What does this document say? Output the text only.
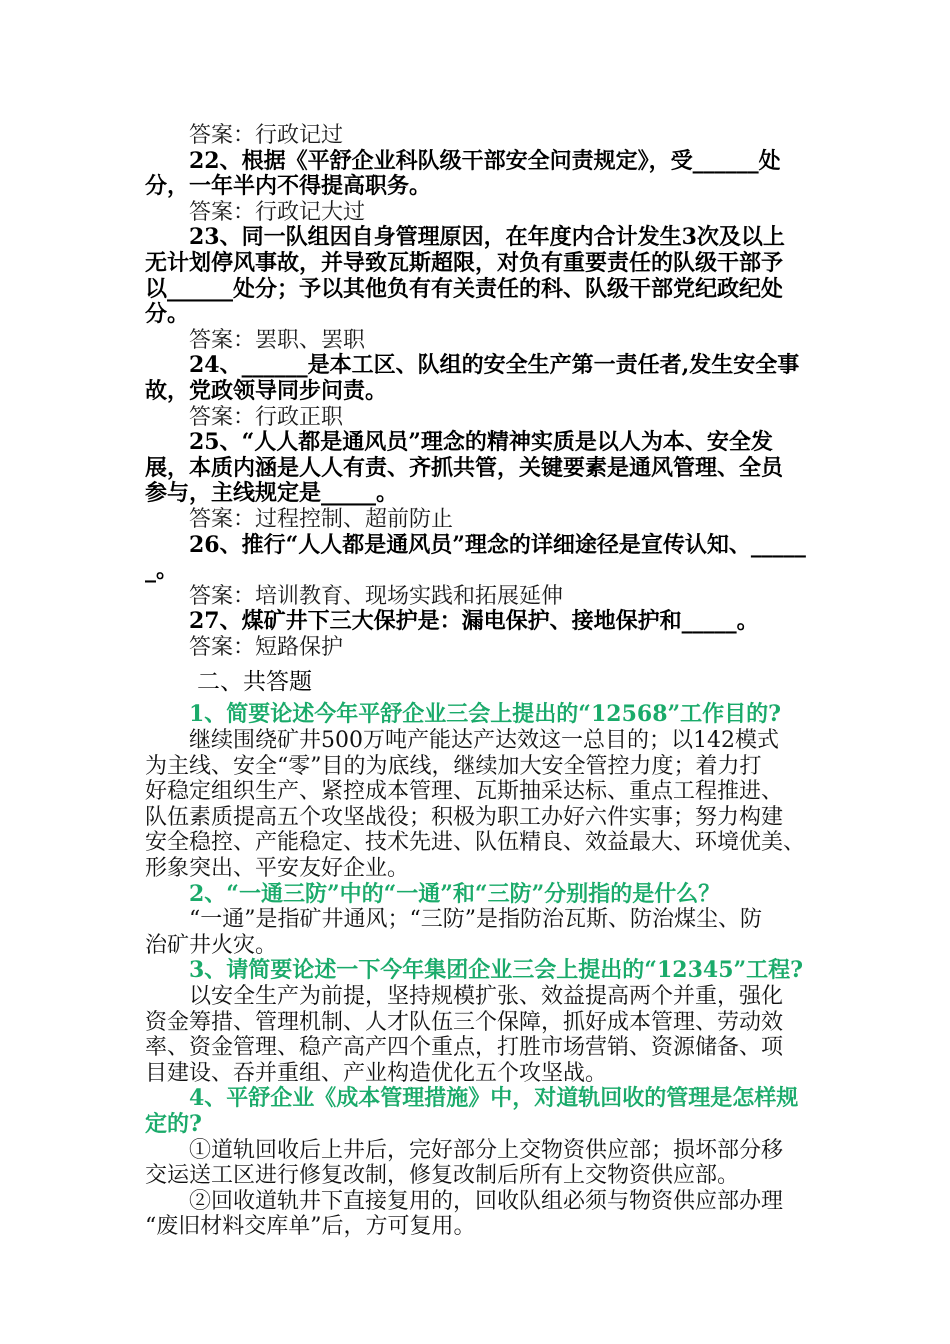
答案：行政记过
22、根据《平舒企业科队级干部安全问责规定》，受______处
分，一年半内不得提高职务。
答案：行政记大过
23、同一队组因自身管理原因，在年度内合计发生3次及以上
无计划停风事故，并导致瓦斯超限，对负有重要责任的队级干部予
以______处分；予以其他负有有关责任的科、队级干部党纪政纪处
分。
答案：罢职、罢职
24、______是本工区、队组的安全生产第一责任者,发生安全事
故，党政领导同步问责。
答案：行政正职
25、“人人都是通风员”理念的精神实质是以人为本、安全发
展，本质内涵是人人有责、齐抓共管，关键要素是通风管理、全员
参与，主线规定是_____。
答案：过程控制、超前防止
26、推行“人人都是通风员”理念的详细途径是宣传认知、_____
_。
答案：培训教育、现场实践和拓展延伸
27、煤矿井下三大保护是：漏电保护、接地保护和_____。
答案：短路保护
二、共答题
1、简要论述今年平舒企业三会上提出的“12568”工作目的?
继续围绕矿井500万吨产能达产达效这一总目的；以142模式
为主线、安全“零”目的为底线，继续加大安全管控力度；着力打
好稳定组织生产、紧控成本管理、瓦斯抽采达标、重点工程推进、
队伍素质提高五个攻坚战役；积极为职工办好六件实事；努力构建
安全稳控、产能稳定、技术先进、队伍精良、效益最大、环境优美、
形象突出、平安友好企业。
2、“一通三防”中的“一通”和“三防”分别指的是什么？
“一通”是指矿井通风；“三防”是指防治瓦斯、防治煤尘、防
治矿井火灾。
3、请简要论述一下今年集团企业三会上提出的“12345”工程?
以安全生产为前提，坚持规模扩张、效益提高两个并重，强化
资金筹措、管理机制、人才队伍三个保障，抓好成本管理、劳动效
率、资金管理、稳产高产四个重点，打胜市场营销、资源储备、项
目建设、吞并重组、产业构造优化五个攻坚战。
4、平舒企业《成本管理措施》中，对道轨回收的管理是怎样规
定的?
①道轨回收后上井后，完好部分上交物资供应部；损坏部分移
交运送工区进行修复改制，修复改制后所有上交物资供应部。
②回收道轨井下直接复用的，回收队组必须与物资供应部办理
“废旧材料交库单”后，方可复用。
